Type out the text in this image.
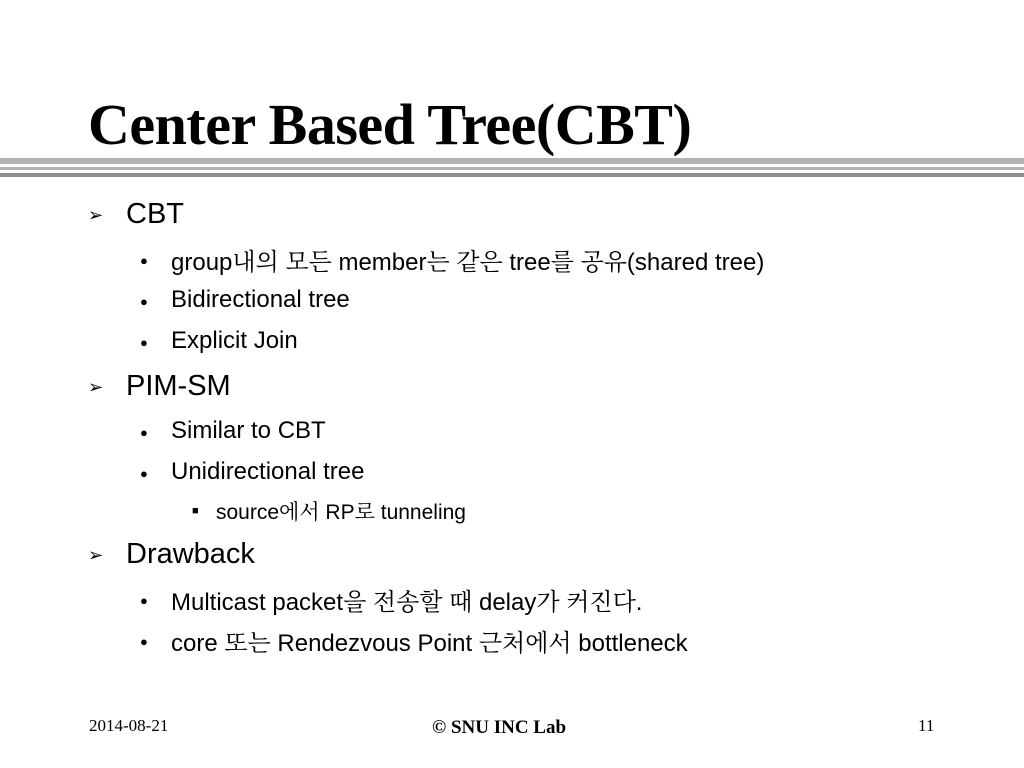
Center Based Tree(CBT)
➢ CBT
● group내의 모든 member는 같은 tree를 공유(shared tree)
● Bidirectional tree
● Explicit Join
➢ PIM-SM
● Similar to CBT
● Unidirectional tree
■ source에서 RP로 tunneling
➢ Drawback
● Multicast packet을 전송할 때 delay가 커진다.
● core 또는 Rendezvous Point 근처에서 bottleneck
2014-08-21	© SNU INC Lab	11
